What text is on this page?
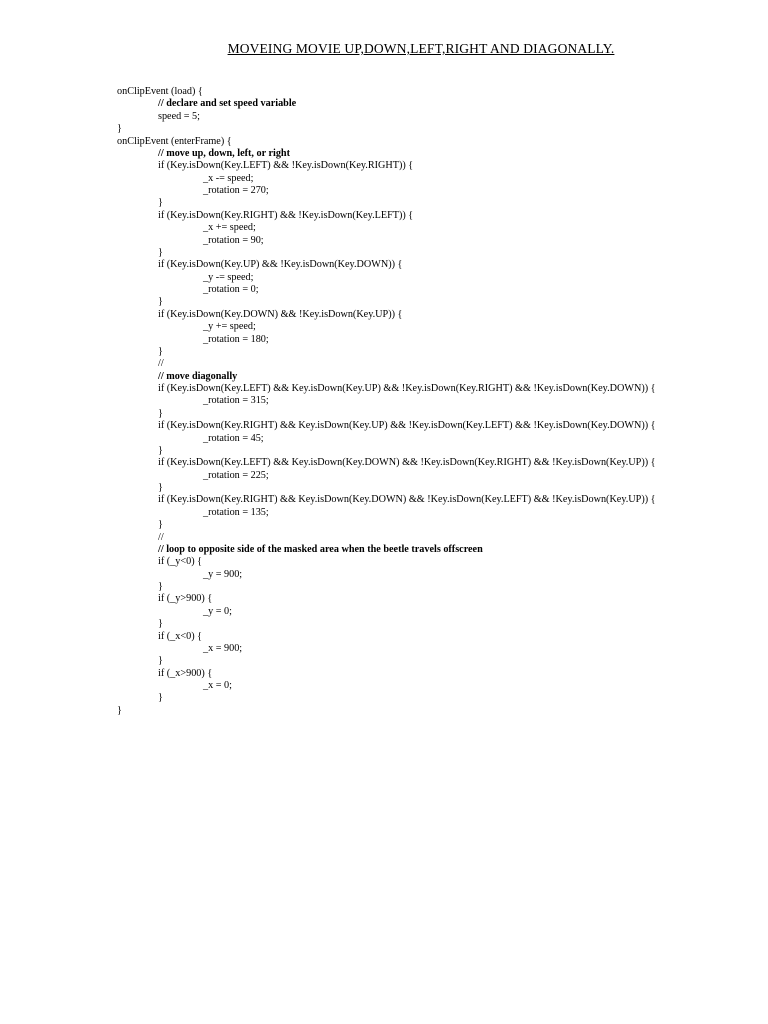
MOVEING MOVIE UP,DOWN,LEFT,RIGHT AND DIAGONALLY.
onClipEvent (load) {
// declare and set speed variable
speed = 5;
}
onClipEvent (enterFrame) {
// move up, down, left, or right
if (Key.isDown(Key.LEFT) && !Key.isDown(Key.RIGHT)) {
_x -= speed;
_rotation = 270;
}
if (Key.isDown(Key.RIGHT) && !Key.isDown(Key.LEFT)) {
_x += speed;
_rotation = 90;
}
if (Key.isDown(Key.UP) && !Key.isDown(Key.DOWN)) {
_y -= speed;
_rotation = 0;
}
if (Key.isDown(Key.DOWN) && !Key.isDown(Key.UP)) {
_y += speed;
_rotation = 180;
}
//
// move diagonally
if (Key.isDown(Key.LEFT) && Key.isDown(Key.UP) && !Key.isDown(Key.RIGHT) && !Key.isDown(Key.DOWN)) {
_rotation = 315;
}
if (Key.isDown(Key.RIGHT) && Key.isDown(Key.UP) && !Key.isDown(Key.LEFT) && !Key.isDown(Key.DOWN)) {
_rotation = 45;
}
if (Key.isDown(Key.LEFT) && Key.isDown(Key.DOWN) && !Key.isDown(Key.RIGHT) && !Key.isDown(Key.UP)) {
_rotation = 225;
}
if (Key.isDown(Key.RIGHT) && Key.isDown(Key.DOWN) && !Key.isDown(Key.LEFT) && !Key.isDown(Key.UP)) {
_rotation = 135;
}
//
// loop to opposite side of the masked area when the beetle travels offscreen
if (_y<0) {
_y = 900;
}
if (_y>900) {
_y = 0;
}
if (_x<0) {
_x = 900;
}
if (_x>900) {
_x = 0;
}
}
